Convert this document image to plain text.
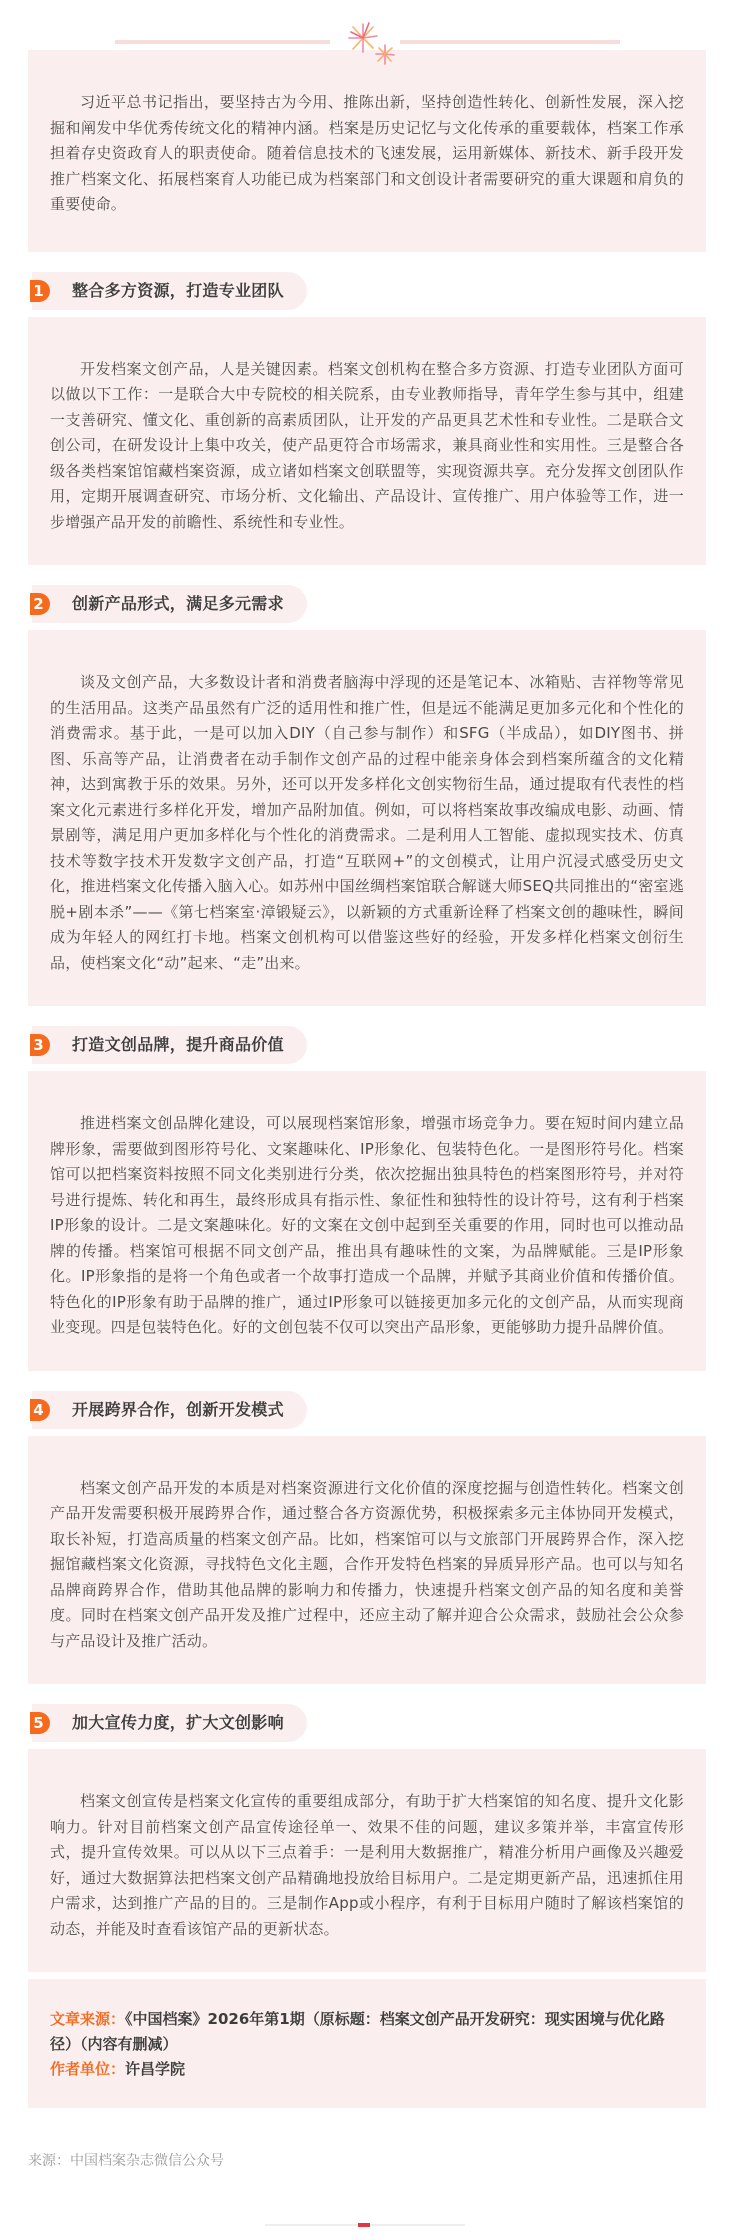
习近平总书记指出，要坚持古为今用、推陈出新，坚持创造性转化、创新性发展，深入挖掘和阐发中华优秀传统文化的精神内涵。档案是历史记忆与文化传承的重要载体，档案工作承担着存史资政育人的职责使命。随着信息技术的飞速发展，运用新媒体、新技术、新手段开发推广档案文化、拓展档案育人功能已成为档案部门和文创设计者需要研究的重大课题和肩负的重要使命。

1	整合多方资源，打造专业团队

开发档案文创产品，人是关键因素。档案文创机构在整合多方资源、打造专业团队方面可以做以下工作：一是联合大中专院校的相关院系，由专业教师指导，青年学生参与其中，组建一支善研究、懂文化、重创新的高素质团队，让开发的产品更具艺术性和专业性。二是联合文创公司，在研发设计上集中攻关，使产品更符合市场需求，兼具商业性和实用性。三是整合各级各类档案馆馆藏档案资源，成立诸如档案文创联盟等，实现资源共享。充分发挥文创团队作用，定期开展调查研究、市场分析、文化输出、产品设计、宣传推广、用户体验等工作，进一步增强产品开发的前瞻性、系统性和专业性。

2	创新产品形式，满足多元需求

谈及文创产品，大多数设计者和消费者脑海中浮现的还是笔记本、冰箱贴、吉祥物等常见的生活用品。这类产品虽然有广泛的适用性和推广性，但是远不能满足更加多元化和个性化的消费需求。基于此，一是可以加入DIY（自己参与制作）和SFG（半成品），如DIY图书、拼图、乐高等产品，让消费者在动手制作文创产品的过程中能亲身体会到档案所蕴含的文化精神，达到寓教于乐的效果。另外，还可以开发多样化文创实物衍生品，通过提取有代表性的档案文化元素进行多样化开发，增加产品附加值。例如，可以将档案故事改编成电影、动画、情景剧等，满足用户更加多样化与个性化的消费需求。二是利用人工智能、虚拟现实技术、仿真技术等数字技术开发数字文创产品，打造“互联网+”的文创模式，让用户沉浸式感受历史文化，推进档案文化传播入脑入心。如苏州中国丝绸档案馆联合解谜大师SEQ共同推出的“密室逃脱+剧本杀”——《第七档案室·漳锻疑云》，以新颖的方式重新诠释了档案文创的趣味性，瞬间成为年轻人的网红打卡地。档案文创机构可以借鉴这些好的经验，开发多样化档案文创衍生品，使档案文化“动”起来、“走”出来。

3	打造文创品牌，提升商品价值

推进档案文创品牌化建设，可以展现档案馆形象，增强市场竞争力。要在短时间内建立品牌形象，需要做到图形符号化、文案趣味化、IP形象化、包装特色化。一是图形符号化。档案馆可以把档案资料按照不同文化类别进行分类，依次挖掘出独具特色的档案图形符号，并对符号进行提炼、转化和再生，最终形成具有指示性、象征性和独特性的设计符号，这有利于档案IP形象的设计。二是文案趣味化。好的文案在文创中起到至关重要的作用，同时也可以推动品牌的传播。档案馆可根据不同文创产品，推出具有趣味性的文案，为品牌赋能。三是IP形象化。IP形象指的是将一个角色或者一个故事打造成一个品牌，并赋予其商业价值和传播价值。特色化的IP形象有助于品牌的推广，通过IP形象可以链接更加多元化的文创产品，从而实现商业变现。四是包装特色化。好的文创包装不仅可以突出产品形象，更能够助力提升品牌价值。

4	开展跨界合作，创新开发模式

档案文创产品开发的本质是对档案资源进行文化价值的深度挖掘与创造性转化。档案文创产品开发需要积极开展跨界合作，通过整合各方资源优势，积极探索多元主体协同开发模式，取长补短，打造高质量的档案文创产品。比如，档案馆可以与文旅部门开展跨界合作，深入挖掘馆藏档案文化资源，寻找特色文化主题，合作开发特色档案的异质异形产品。也可以与知名品牌商跨界合作，借助其他品牌的影响力和传播力，快速提升档案文创产品的知名度和美誉度。同时在档案文创产品开发及推广过程中，还应主动了解并迎合公众需求，鼓励社会公众参与产品设计及推广活动。

5	加大宣传力度，扩大文创影响

档案文创宣传是档案文化宣传的重要组成部分，有助于扩大档案馆的知名度、提升文化影响力。针对目前档案文创产品宣传途径单一、效果不佳的问题，建议多策并举，丰富宣传形式，提升宣传效果。可以从以下三点着手：一是利用大数据推广，精准分析用户画像及兴趣爱好，通过大数据算法把档案文创产品精确地投放给目标用户。二是定期更新产品，迅速抓住用户需求，达到推广产品的目的。三是制作App或小程序，有利于目标用户随时了解该档案馆的动态，并能及时查看该馆产品的更新状态。

文章来源：《中国档案》2026年第1期（原标题：档案文创产品开发研究：现实困境与优化路径）（内容有删减）
作者单位：许昌学院
来源：中国档案杂志微信公众号
